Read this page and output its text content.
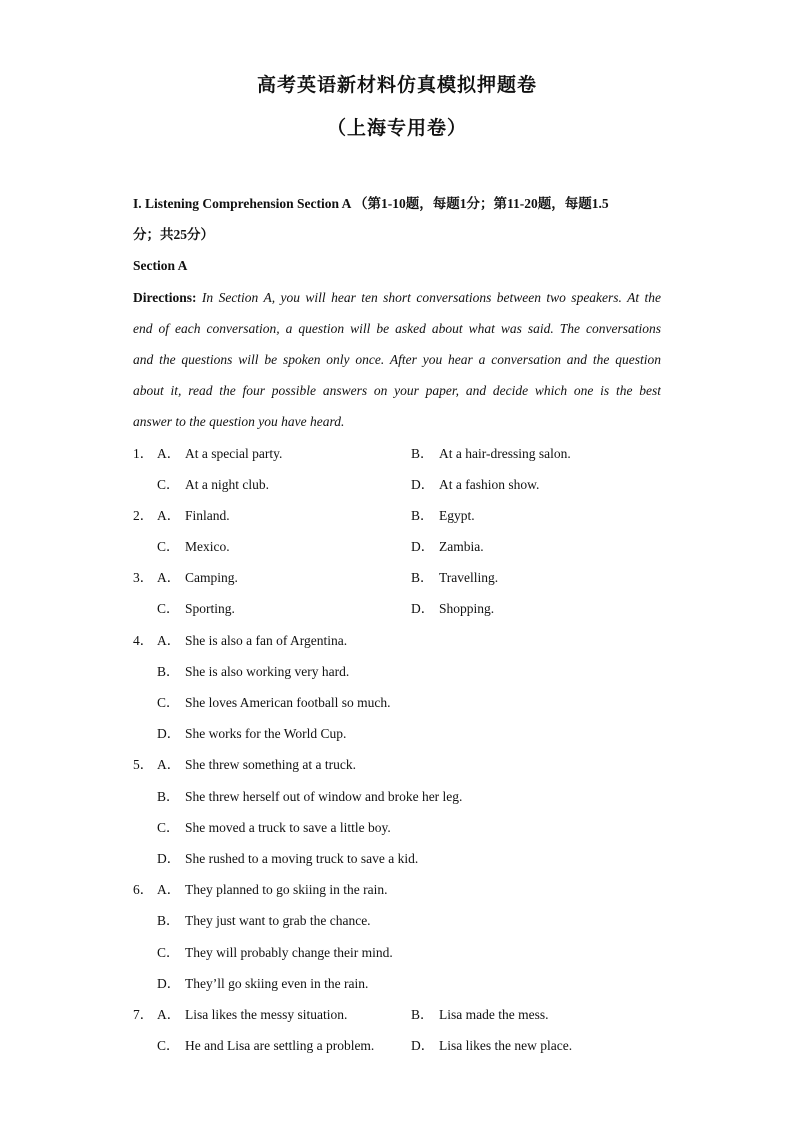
高考英语新材料仿真模拟押题卷
（上海专用卷）
I. Listening Comprehension Section A （第1-10题，每题1分；第11-20题，每题1.5
分；共25分）
Section A
Directions: In Section A, you will hear ten short conversations between two speakers. At the
end of each conversation, a question will be asked about what was said. The conversations
and the questions will be spoken only once. After you hear a conversation and the question
about it, read the four possible answers on your paper, and decide which one is the best
answer to the question you have heard.
1． A． At a special party.	B． At a hair-dressing salon.
C． At a night club.	D． At a fashion show.
2． A． Finland.	B． Egypt.
C． Mexico.	D． Zambia.
3． A． Camping.	B． Travelling.
C． Sporting.	D． Shopping.
4． A． She is also a fan of Argentina.
B． She is also working very hard.
C． She loves American football so much.
D． She works for the World Cup.
5． A． She threw something at a truck.
B． She threw herself out of window and broke her leg.
C． She moved a truck to save a little boy.
D． She rushed to a moving truck to save a kid.
6． A． They planned to go skiing in the rain.
B． They just want to grab the chance.
C． They will probably change their mind.
D． They’ll go skiing even in the rain.
7． A． Lisa likes the messy situation.	B． Lisa made the mess.
C． He and Lisa are settling a problem.	D． Lisa likes the new place.
